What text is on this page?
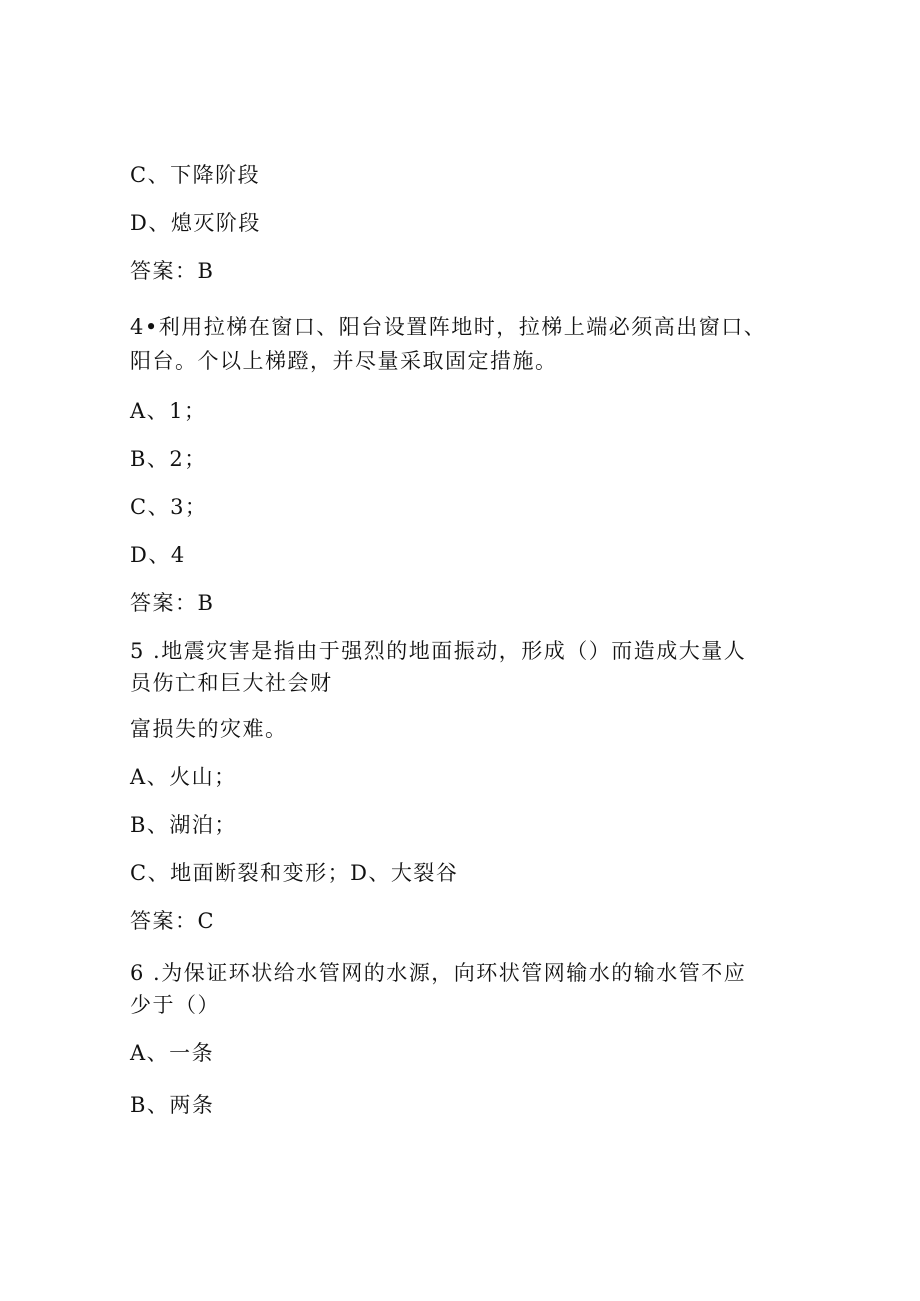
C、下降阶段
D、熄灭阶段
答案：B
4•利用拉梯在窗口、阳台设置阵地时，拉梯上端必须高出窗口、
阳台。个以上梯蹬，并尽量采取固定措施。
A、1；
B、2；
C、3；
D、4
答案：B
5 .地震灾害是指由于强烈的地面振动，形成（）而造成大量人
员伤亡和巨大社会财
富损失的灾难。
A、火山；
B、湖泊；
C、地面断裂和变形；D、大裂谷
答案：C
6 .为保证环状给水管网的水源，向环状管网输水的输水管不应
少于（）
A、一条
B、两条
